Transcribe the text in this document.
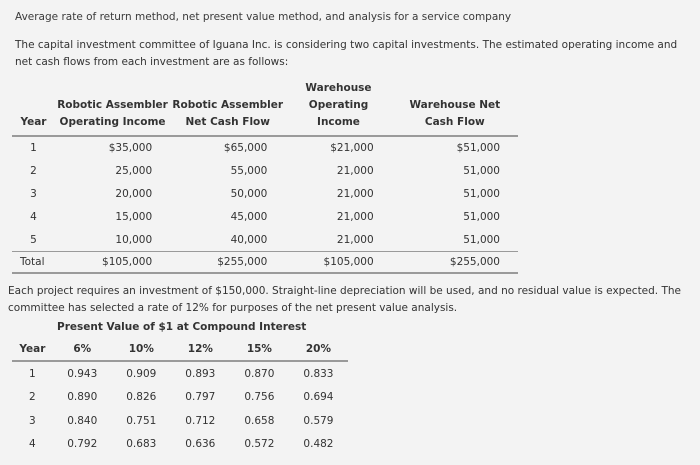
Average rate of return method, net present value method, and analysis for a service company
The capital investment committee of Iguana Inc. is considering two capital investments. The estimated operating income and net cash flows from each investment are as follows:
Year	Robotic Assembler Operating Income	Robotic Assembler Net Cash Flow	Warehouse Operating Income	Warehouse Net Cash Flow
1	$35,000	$65,000	$21,000	$51,000
2	25,000	55,000	21,000	51,000
3	20,000	50,000	21,000	51,000
4	15,000	45,000	21,000	51,000
5	10,000	40,000	21,000	51,000
Total	$105,000	$255,000	$105,000	$255,000
Each project requires an investment of $150,000. Straight-line depreciation will be used, and no residual value is expected. The committee has selected a rate of 12% for purposes of the net present value analysis.
Present Value of $1 at Compound Interest
Year	6%	10%	12%	15%	20%
1	0.943	0.909	0.893	0.870	0.833
2	0.890	0.826	0.797	0.756	0.694
3	0.840	0.751	0.712	0.658	0.579
4	0.792	0.683	0.636	0.572	0.482
